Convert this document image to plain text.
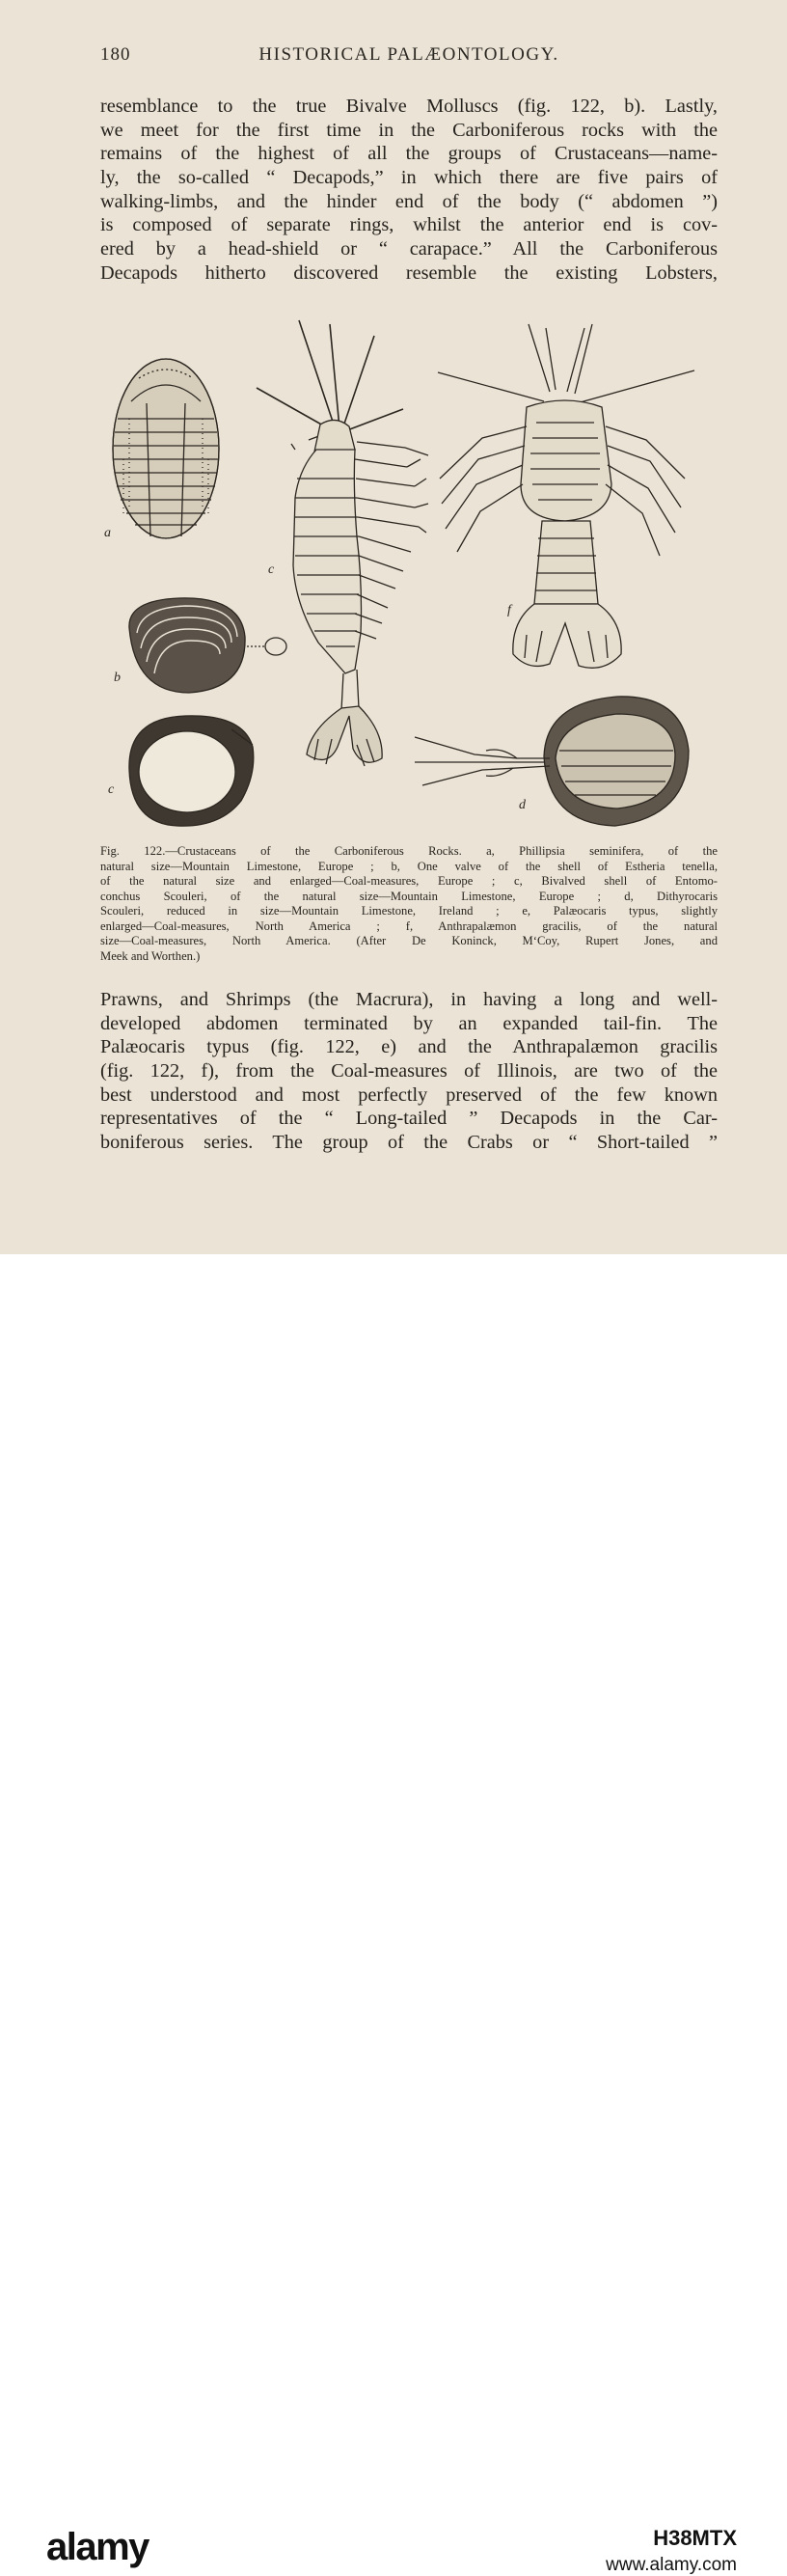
180	HISTORICAL PALÆONTOLOGY.
resemblance to the true Bivalve Molluscs (fig. 122, b). Lastly,
we meet for the first time in the Carboniferous rocks with the
remains of the highest of all the groups of Crustaceans—name-
ly, the so-called “ Decapods,” in which there are five pairs of
walking-limbs, and the hinder end of the body (“ abdomen ”)
is composed of separate rings, whilst the anterior end is cov-
ered by a head-shield or “ carapace.” All the Carboniferous
Decapods hitherto discovered resemble the existing Lobsters,
a
b
c
c
f
d
Fig. 122.—Crustaceans of the Carboniferous Rocks. a, Phillipsia seminifera, of the
natural size—Mountain Limestone, Europe ; b, One valve of the shell of Estheria tenella,
of the natural size and enlarged—Coal-measures, Europe ; c, Bivalved shell of Entomo-
conchus Scouleri, of the natural size—Mountain Limestone, Europe ; d, Dithyrocaris
Scouleri, reduced in size—Mountain Limestone, Ireland ; e, Palæocaris typus, slightly
enlarged—Coal-measures, North America ; f, Anthrapalæmon gracilis, of the natural
size—Coal-measures, North America. (After De Koninck, M‘Coy, Rupert Jones, and
Meek and Worthen.)
Prawns, and Shrimps (the Macrura), in having a long and well-
developed abdomen terminated by an expanded tail-fin. The
Palæocaris typus (fig. 122, e) and the Anthrapalæmon gracilis
(fig. 122, f), from the Coal-measures of Illinois, are two of the
best understood and most perfectly preserved of the few known
representatives of the “ Long-tailed ” Decapods in the Car-
boniferous series. The group of the Crabs or “ Short-tailed ”
alamy	H38MTX
www.alamy.com
